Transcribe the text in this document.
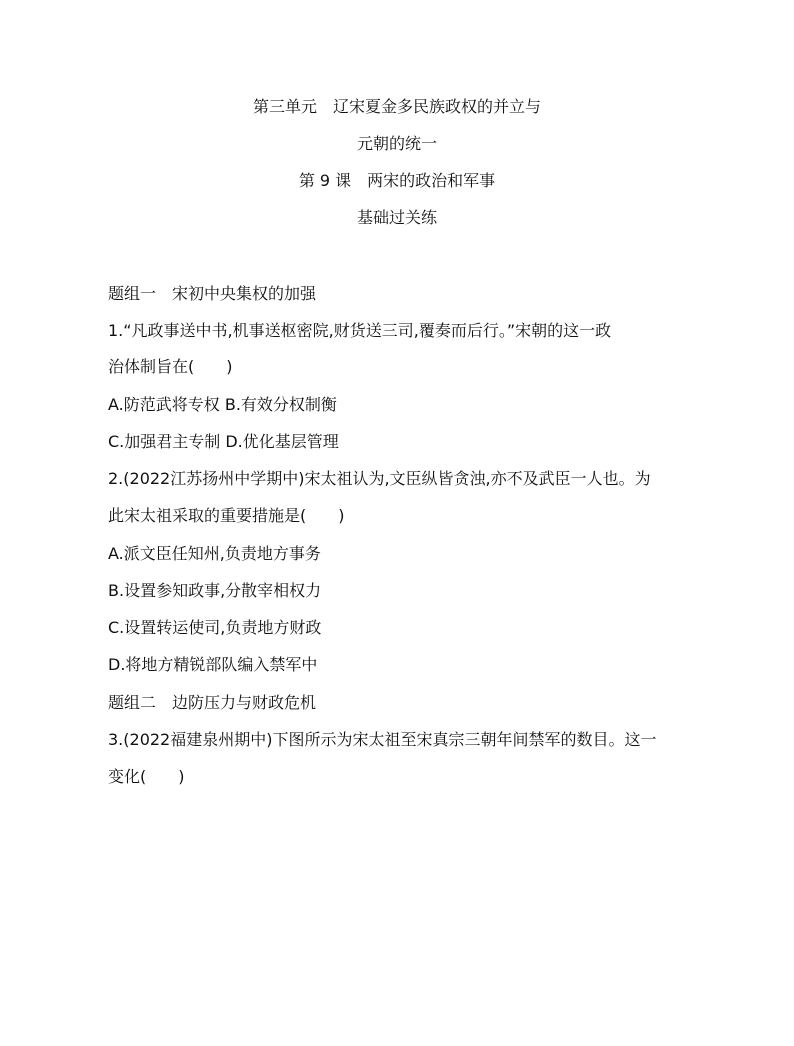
第三单元　辽宋夏金多民族政权的并立与
元朝的统一
第 9 课　两宋的政治和军事
基础过关练
题组一　宋初中央集权的加强
1.“凡政事送中书,机事送枢密院,财货送三司,覆奏而后行。”宋朝的这一政
治体制旨在(　　)
A.防范武将专权 B.有效分权制衡
C.加强君主专制 D.优化基层管理
2.(2022江苏扬州中学期中)宋太祖认为,文臣纵皆贪浊,亦不及武臣一人也。为
此宋太祖采取的重要措施是(　　)
A.派文臣任知州,负责地方事务
B.设置参知政事,分散宰相权力
C.设置转运使司,负责地方财政
D.将地方精锐部队编入禁军中
题组二　边防压力与财政危机
3.(2022福建泉州期中)下图所示为宋太祖至宋真宗三朝年间禁军的数目。这一
变化(　　)
